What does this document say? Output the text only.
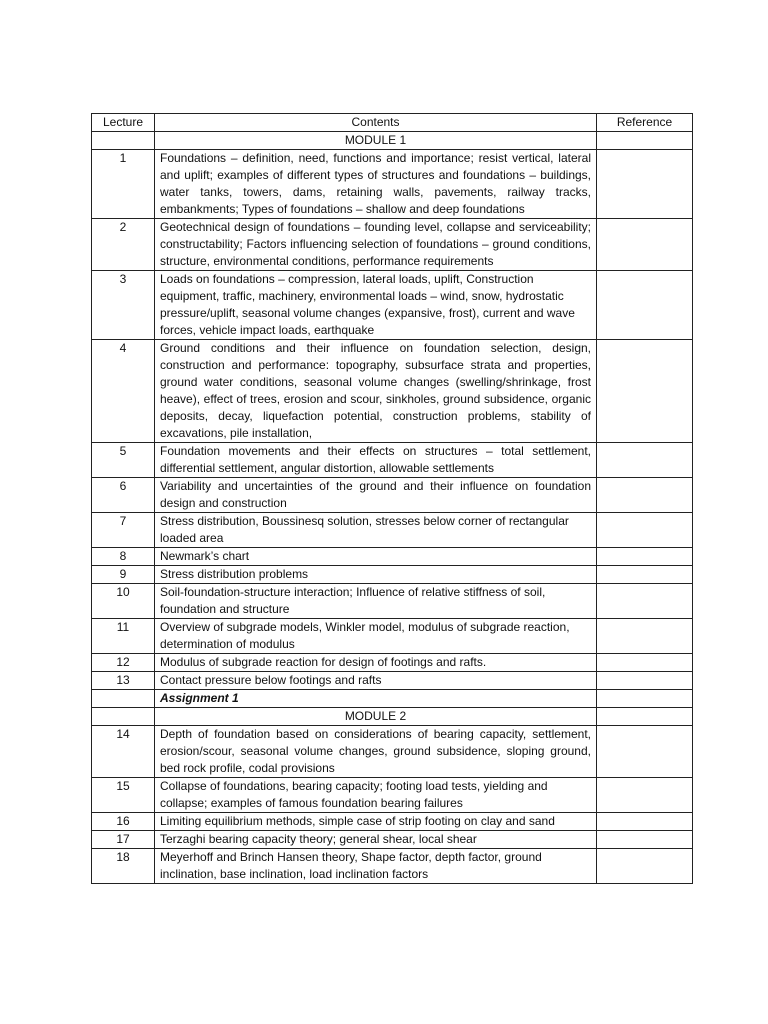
Lecture	Contents	Reference
	MODULE 1	
1	Foundations – definition, need, functions and importance; resist vertical, lateral and uplift; examples of different types of structures and foundations – buildings, water tanks, towers, dams, retaining walls, pavements, railway tracks, embankments; Types of foundations – shallow and deep foundations	
2	Geotechnical design of foundations – founding level, collapse and serviceability; constructability; Factors influencing selection of foundations – ground conditions, structure, environmental conditions, performance requirements	
3	Loads on foundations – compression, lateral loads, uplift, Construction equipment, traffic, machinery, environmental loads – wind, snow, hydrostatic pressure/uplift, seasonal volume changes (expansive, frost), current and wave forces, vehicle impact loads, earthquake	
4	Ground conditions and their influence on foundation selection, design, construction and performance: topography, subsurface strata and properties, ground water conditions, seasonal volume changes (swelling/shrinkage, frost heave), effect of trees, erosion and scour, sinkholes, ground subsidence, organic deposits, decay, liquefaction potential, construction problems, stability of excavations, pile installation,	
5	Foundation movements and their effects on structures – total settlement, differential settlement, angular distortion, allowable settlements	
6	Variability and uncertainties of the ground and their influence on foundation design and construction	
7	Stress distribution, Boussinesq solution, stresses below corner of rectangular loaded area	
8	Newmark’s chart	
9	Stress distribution problems	
10	Soil-foundation-structure interaction; Influence of relative stiffness of soil, foundation and structure	
11	Overview of subgrade models, Winkler model, modulus of subgrade reaction, determination of modulus	
12	Modulus of subgrade reaction for design of footings and rafts.	
13	Contact pressure below footings and rafts	
	Assignment 1	
	MODULE 2	
14	Depth of foundation based on considerations of bearing capacity, settlement, erosion/scour, seasonal volume changes, ground subsidence, sloping ground, bed rock profile, codal provisions	
15	Collapse of foundations, bearing capacity; footing load tests, yielding and collapse; examples of famous foundation bearing failures	
16	Limiting equilibrium methods, simple case of strip footing on clay and sand	
17	Terzaghi bearing capacity theory; general shear, local shear	
18	Meyerhoff and Brinch Hansen theory, Shape factor, depth factor, ground inclination, base inclination, load inclination factors	
